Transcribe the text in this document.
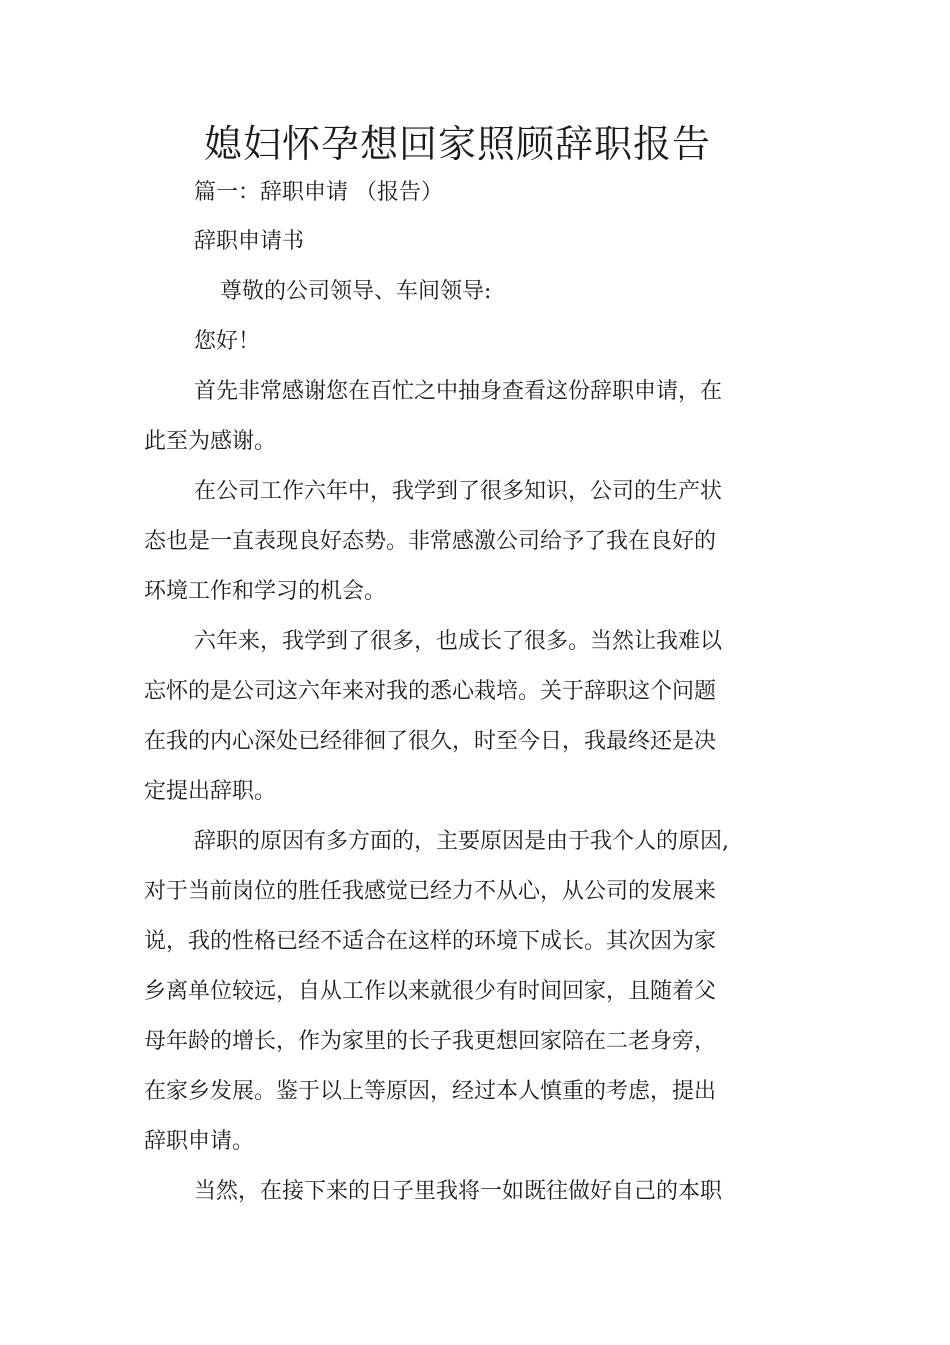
媳妇怀孕想回家照顾辞职报告
篇一：辞职申请 （报告）
辞职申请书
尊敬的公司领导、车间领导:
您好！
首先非常感谢您在百忙之中抽身查看这份辞职申请，在
此至为感谢。
在公司工作六年中，我学到了很多知识，公司的生产状
态也是一直表现良好态势。非常感激公司给予了我在良好的
环境工作和学习的机会。
六年来，我学到了很多，也成长了很多。当然让我难以
忘怀的是公司这六年来对我的悉心栽培。关于辞职这个问题
在我的内心深处已经徘徊了很久，时至今日，我最终还是决
定提出辞职。
辞职的原因有多方面的，主要原因是由于我个人的原因,
对于当前岗位的胜任我感觉已经力不从心，从公司的发展来
说，我的性格已经不适合在这样的环境下成长。其次因为家
乡离单位较远，自从工作以来就很少有时间回家，且随着父
母年龄的增长，作为家里的长子我更想回家陪在二老身旁，
在家乡发展。鉴于以上等原因，经过本人慎重的考虑，提出
辞职申请。
当然，在接下来的日子里我将一如既往做好自己的本职
